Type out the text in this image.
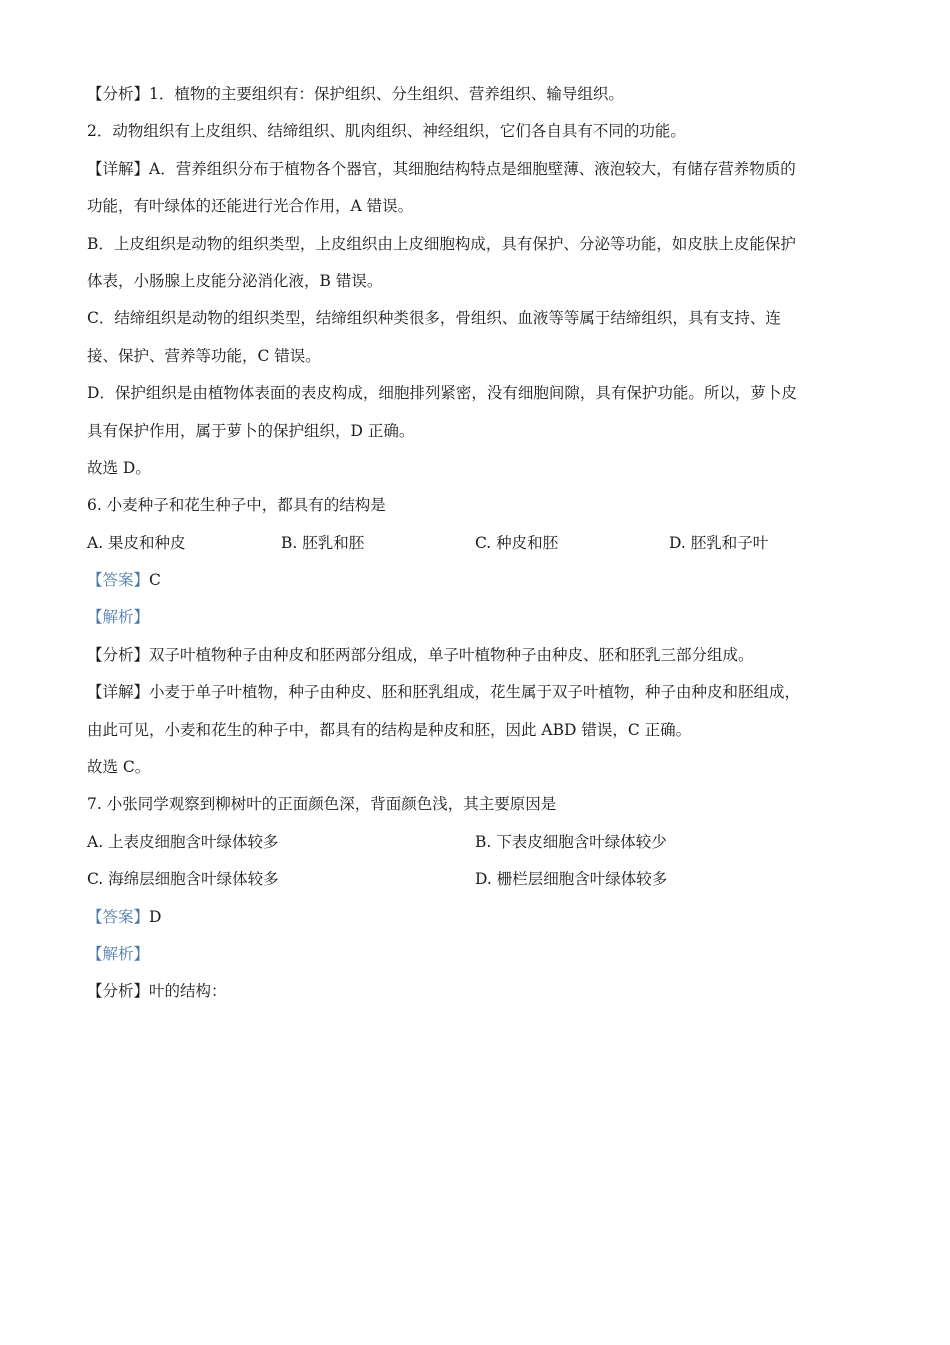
【分析】1．植物的主要组织有：保护组织、分生组织、营养组织、输导组织。
2．动物组织有上皮组织、结缔组织、肌肉组织、神经组织，它们各自具有不同的功能。
【详解】A．营养组织分布于植物各个器官，其细胞结构特点是细胞壁薄、液泡较大，有储存营养物质的
功能，有叶绿体的还能进行光合作用，A 错误。
B．上皮组织是动物的组织类型，上皮组织由上皮细胞构成，具有保护、分泌等功能，如皮肤上皮能保护
体表，小肠腺上皮能分泌消化液，B 错误。
C．结缔组织是动物的组织类型，结缔组织种类很多，骨组织、血液等等属于结缔组织，具有支持、连
接、保护、营养等功能，C 错误。
D．保护组织是由植物体表面的表皮构成，细胞排列紧密，没有细胞间隙，具有保护功能。所以，萝卜皮
具有保护作用，属于萝卜的保护组织，D 正确。
故选 D。
6. 小麦种子和花生种子中，都具有的结构是
A. 果皮和种皮	B. 胚乳和胚	C. 种皮和胚	D. 胚乳和子叶
【答案】C
【解析】
【分析】双子叶植物种子由种皮和胚两部分组成，单子叶植物种子由种皮、胚和胚乳三部分组成。
【详解】小麦于单子叶植物，种子由种皮、胚和胚乳组成，花生属于双子叶植物，种子由种皮和胚组成，
由此可见，小麦和花生的种子中，都具有的结构是种皮和胚，因此 ABD 错误，C 正确。
故选 C。
7. 小张同学观察到柳树叶的正面颜色深，背面颜色浅，其主要原因是
A. 上表皮细胞含叶绿体较多	B. 下表皮细胞含叶绿体较少
C. 海绵层细胞含叶绿体较多	D. 栅栏层细胞含叶绿体较多
【答案】D
【解析】
【分析】叶的结构：
